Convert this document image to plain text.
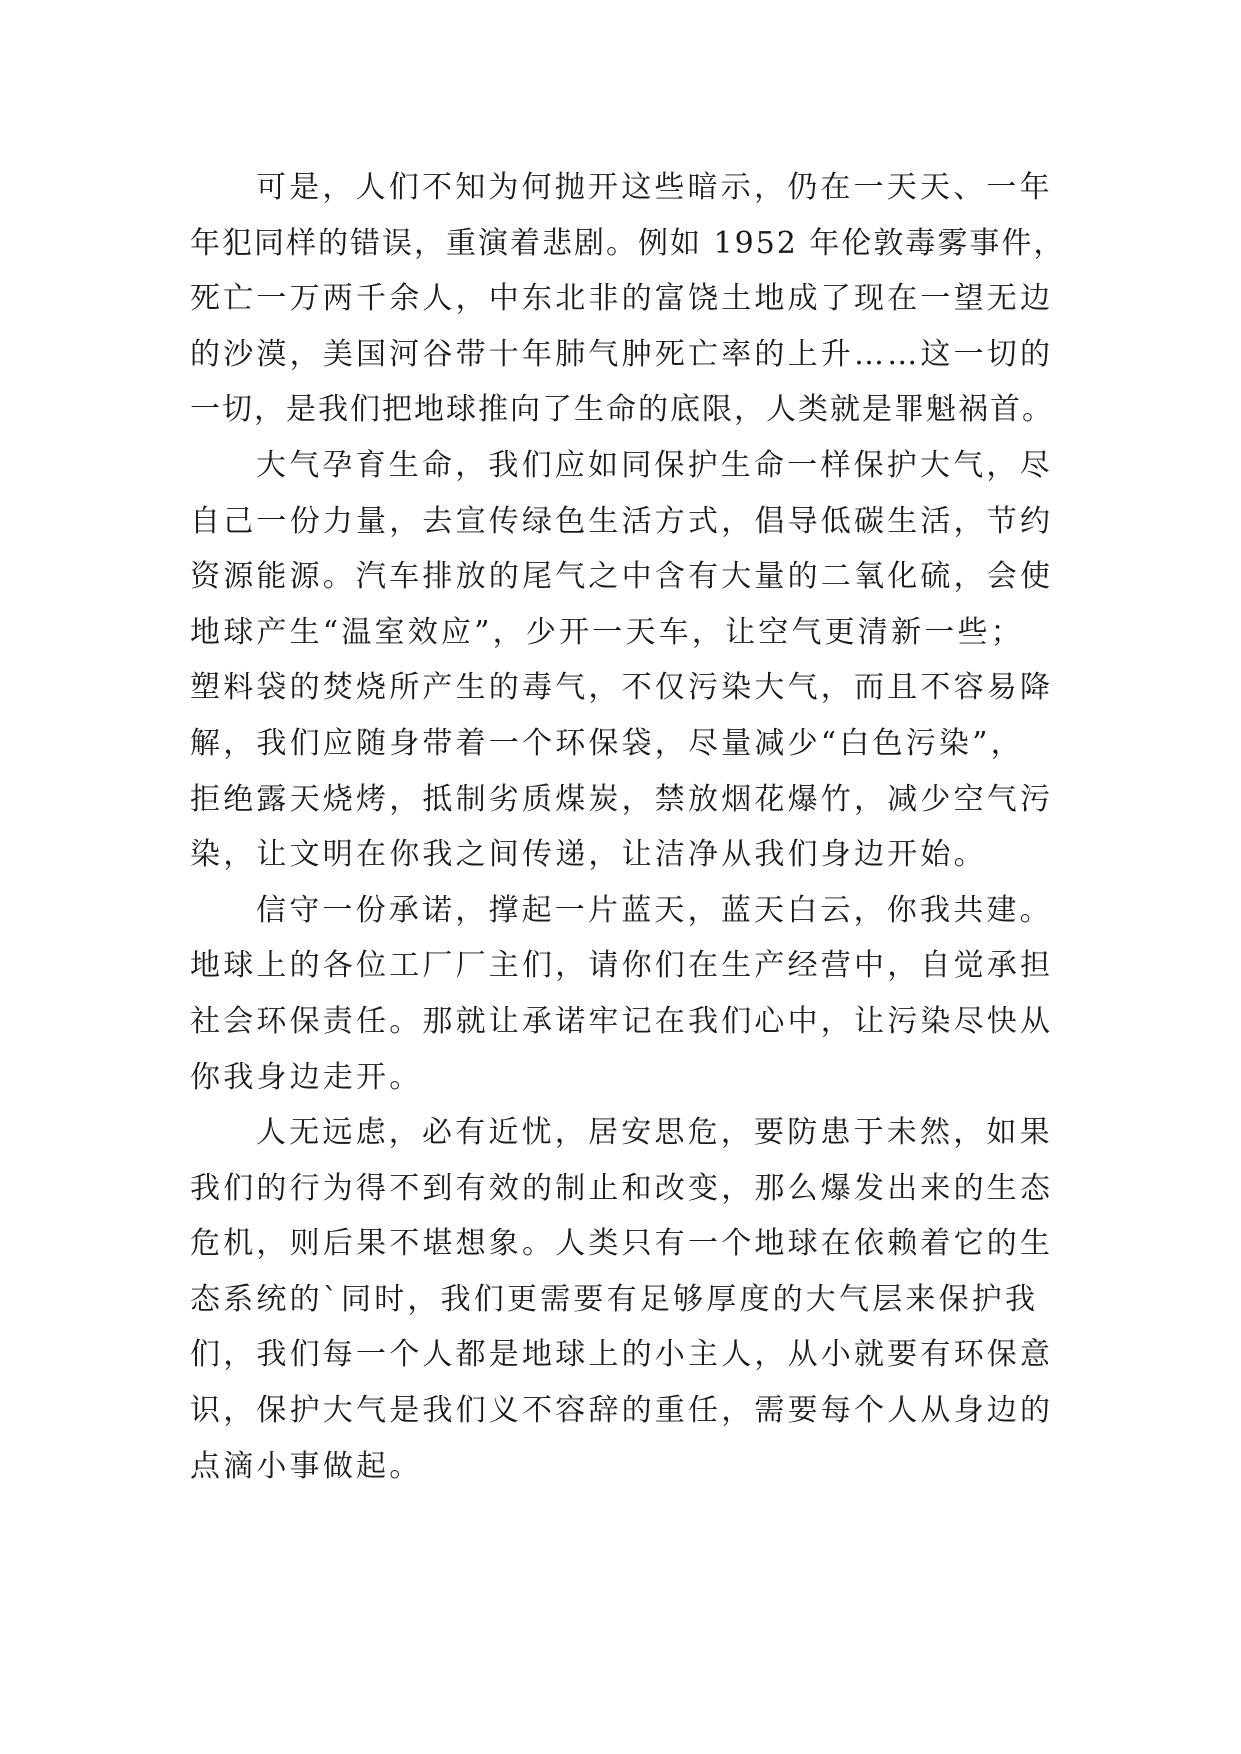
可是，人们不知为何抛开这些暗示，仍在一天天、一年
年犯同样的错误，重演着悲剧。例如 1952 年伦敦毒雾事件，
死亡一万两千余人，中东北非的富饶土地成了现在一望无边
的沙漠，美国河谷带十年肺气肿死亡率的上升……这一切的
一切，是我们把地球推向了生命的底限，人类就是罪魁祸首。
大气孕育生命，我们应如同保护生命一样保护大气，尽
自己一份力量，去宣传绿色生活方式，倡导低碳生活，节约
资源能源。汽车排放的尾气之中含有大量的二氧化硫，会使
地球产生“温室效应”，少开一天车，让空气更清新一些；
塑料袋的焚烧所产生的毒气，不仅污染大气，而且不容易降
解，我们应随身带着一个环保袋，尽量减少“白色污染”，
拒绝露天烧烤，抵制劣质煤炭，禁放烟花爆竹，减少空气污
染，让文明在你我之间传递，让洁净从我们身边开始。
信守一份承诺，撑起一片蓝天，蓝天白云，你我共建。
地球上的各位工厂厂主们，请你们在生产经营中，自觉承担
社会环保责任。那就让承诺牢记在我们心中，让污染尽快从
你我身边走开。
人无远虑，必有近忧，居安思危，要防患于未然，如果
我们的行为得不到有效的制止和改变，那么爆发出来的生态
危机，则后果不堪想象。人类只有一个地球在依赖着它的生
态系统的`同时，我们更需要有足够厚度的大气层来保护我
们，我们每一个人都是地球上的小主人，从小就要有环保意
识，保护大气是我们义不容辞的重任，需要每个人从身边的
点滴小事做起。
